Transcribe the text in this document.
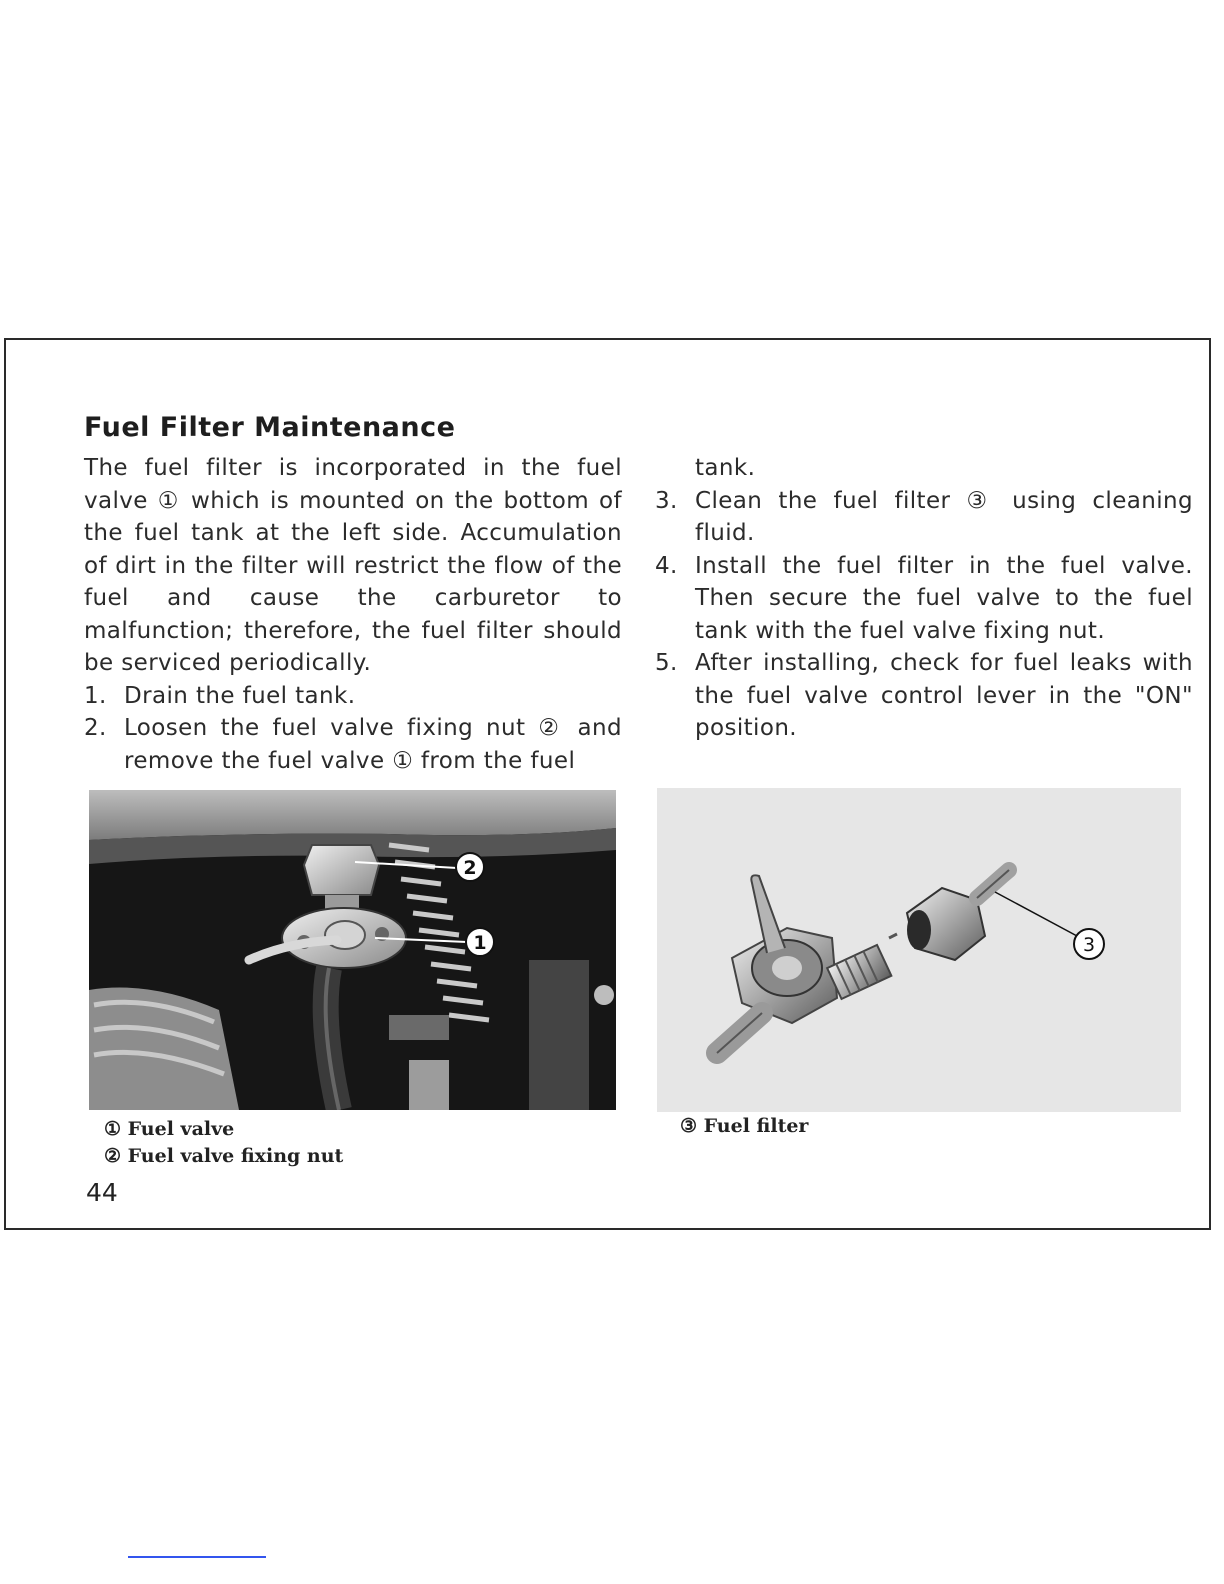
Fuel Filter Maintenance

The fuel filter is incorporated in the fuel valve ① which is mounted on the bottom of the fuel tank at the left side. Accumulation of dirt in the filter will restrict the flow of the fuel and cause the carburetor to malfunction; therefore, the fuel filter should be serviced periodically.

1. Drain the fuel tank.
2. Loosen the fuel valve fixing nut ② and remove the fuel valve ① from the fuel

tank.

3. Clean the fuel filter ③ using cleaning fluid.
4. Install the fuel filter in the fuel valve. Then secure the fuel valve to the fuel tank with the fuel valve fixing nut.
5. After installing, check for fuel leaks with the fuel valve control lever in the "ON" position.
2
1	3
① Fuel valve
② Fuel valve fixing nut
③ Fuel filter
44
